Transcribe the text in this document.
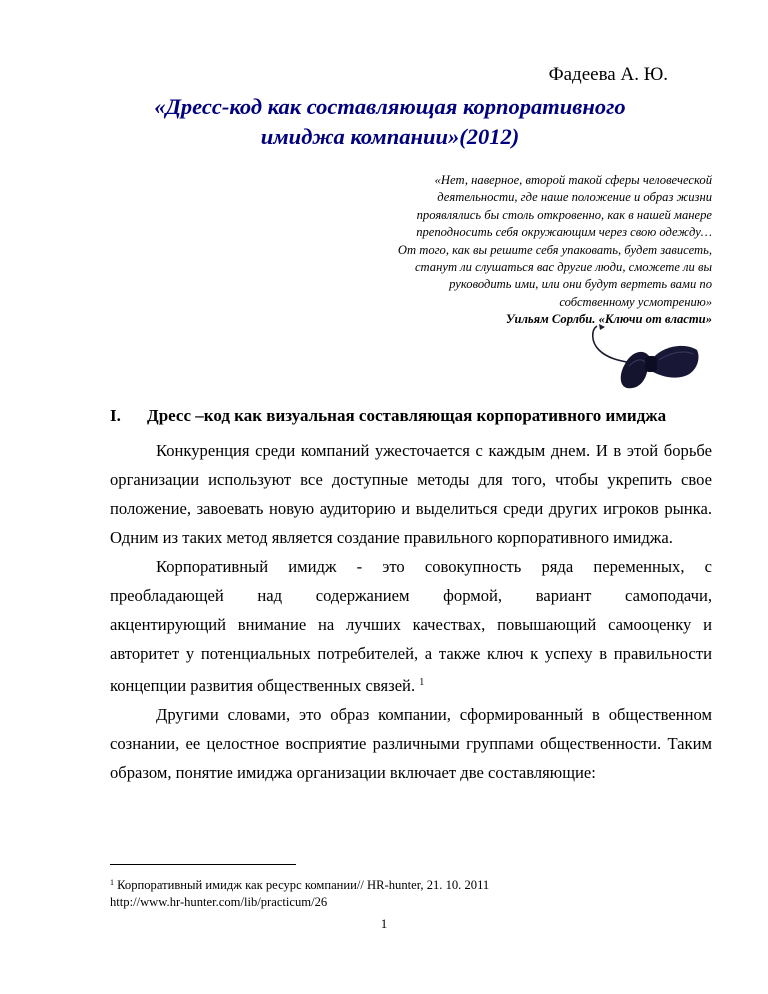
Фадеева А. Ю.
«Дресс-код как составляющая корпоративного
имиджа компании»(2012)
«Нет, наверное, второй такой сферы человеческой
деятельности, где наше положение и образ жизни
проявлялись бы столь откровенно, как в нашей манере
преподносить себя окружающим через свою одежду…
От того, как вы решите себя упаковать, будет зависеть,
станут ли слушаться вас другие люди, сможете ли вы
руководить ими, или они будут вертеть вами по
собственному усмотрению»
Уильям Сорлби. «Ключи от власти»
I. Дресс –код как визуальная составляющая корпоративного имиджа

Конкуренция среди компаний ужесточается с каждым днем. И в этой борьбе организации используют все доступные методы для того, чтобы укрепить свое положение, завоевать новую аудиторию и выделиться среди других игроков рынка. Одним из таких метод является создание правильного корпоративного имиджа.

Корпоративный имидж - это совокупность ряда переменных, с
преобладающей над содержанием формой, вариант самоподачи,
акцентирующий внимание на лучших качествах, повышающий самооценку и авторитет у потенциальных потребителей, а также ключ к успеху в правильности концепции развития общественных связей. $^1$

Другими словами, это образ компании, сформированный в общественном сознании, ее целостное восприятие различными группами общественности. Таким образом, понятие имиджа организации включает две составляющие:

$^1$ Корпоративный имидж как ресурс компании// HR-hunter, 21. 10. 2011
http://www.hr-hunter.com/lib/practicum/26
1
